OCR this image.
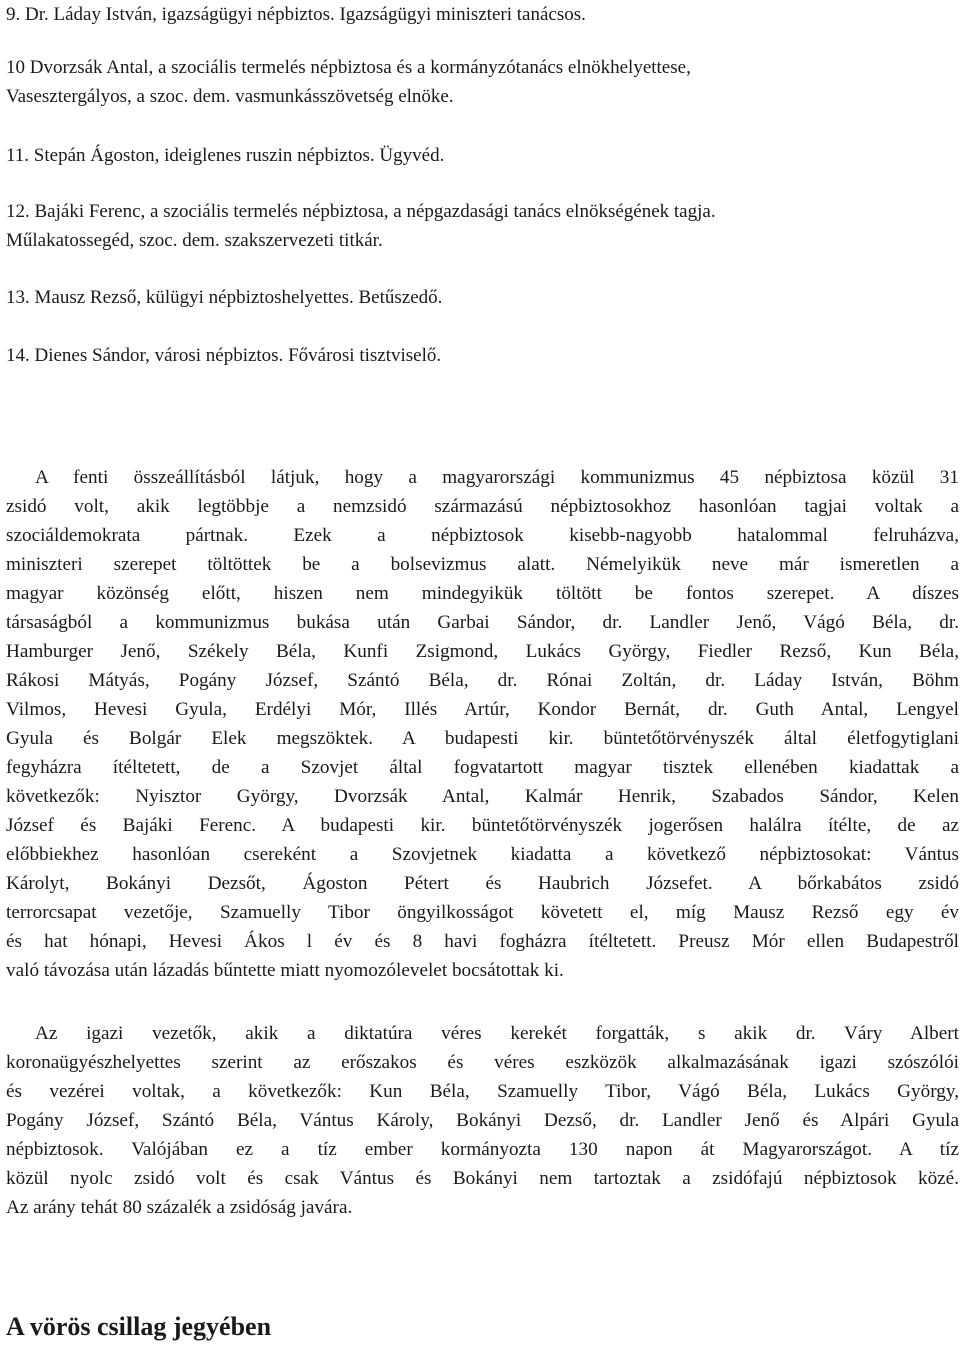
9. Dr. Láday István, igazságügyi népbiztos. Igazságügyi miniszteri tanácsos.

10 Dvorzsák Antal, a szociális termelés népbiztosa és a kormányzótanács elnökhelyettese,
Vasesztergályos, a szoc. dem. vasmunkásszövetség elnöke.

11. Stepán Ágoston, ideiglenes ruszin népbiztos. Ügyvéd.

12. Bajáki Ferenc, a szociális termelés népbiztosa, a népgazdasági tanács elnökségének tagja.
Műlakatossegéd, szoc. dem. szakszervezeti titkár.

13. Mausz Rezső, külügyi népbiztoshelyettes. Betűszedő.

14. Dienes Sándor, városi népbiztos. Fővárosi tisztviselő.

A fenti összeállításból látjuk, hogy a magyarországi kommunizmus 45 népbiztosa közül 31
zsidó volt, akik legtöbbje a nemzsidó származású népbiztosokhoz hasonlóan tagjai voltak a
szociáldemokrata pártnak. Ezek a népbiztosok kisebb-nagyobb hatalommal felruházva,
miniszteri szerepet töltöttek be a bolsevizmus alatt. Némelyikük neve már ismeretlen a
magyar közönség előtt, hiszen nem mindegyikük töltött be fontos szerepet. A díszes
társaságból a kommunizmus bukása után Garbai Sándor, dr. Landler Jenő, Vágó Béla, dr.
Hamburger Jenő, Székely Béla, Kunfi Zsigmond, Lukács György, Fiedler Rezső, Kun Béla,
Rákosi Mátyás, Pogány József, Szántó Béla, dr. Rónai Zoltán, dr. Láday István, Böhm
Vilmos, Hevesi Gyula, Erdélyi Mór, Illés Artúr, Kondor Bernát, dr. Guth Antal, Lengyel
Gyula és Bolgár Elek megszöktek. A budapesti kir. büntetőtörvényszék által életfogytiglani
fegyházra ítéltetett, de a Szovjet által fogvatartott magyar tisztek ellenében kiadattak a
következők: Nyisztor György, Dvorzsák Antal, Kalmár Henrik, Szabados Sándor, Kelen
József és Bajáki Ferenc. A budapesti kir. büntetőtörvényszék jogerősen halálra ítélte, de az
előbbiekhez hasonlóan csereként a Szovjetnek kiadatta a következő népbiztosokat: Vántus
Károlyt, Bokányi Dezsőt, Ágoston Pétert és Haubrich Józsefet. A bőrkabátos zsidó
terrorcsapat vezetője, Szamuelly Tibor öngyilkosságot követett el, míg Mausz Rezső egy év
és hat hónapi, Hevesi Ákos l év és 8 havi fogházra ítéltetett. Preusz Mór ellen Budapestről
való távozása után lázadás bűntette miatt nyomozólevelet bocsátottak ki.
Az igazi vezetők, akik a diktatúra véres kerekét forgatták, s akik dr. Váry Albert
koronaügyészhelyettes szerint az erőszakos és véres eszközök alkalmazásának igazi szószólói
és vezérei voltak, a következők: Kun Béla, Szamuelly Tibor, Vágó Béla, Lukács György,
Pogány József, Szántó Béla, Vántus Károly, Bokányi Dezső, dr. Landler Jenő és Alpári Gyula
népbiztosok. Valójában ez a tíz ember kormányozta 130 napon át Magyarországot. A tíz
közül nyolc zsidó volt és csak Vántus és Bokányi nem tartoztak a zsidófajú népbiztosok közé.
Az arány tehát 80 százalék a zsidóság javára.
A vörös csillag jegyében
